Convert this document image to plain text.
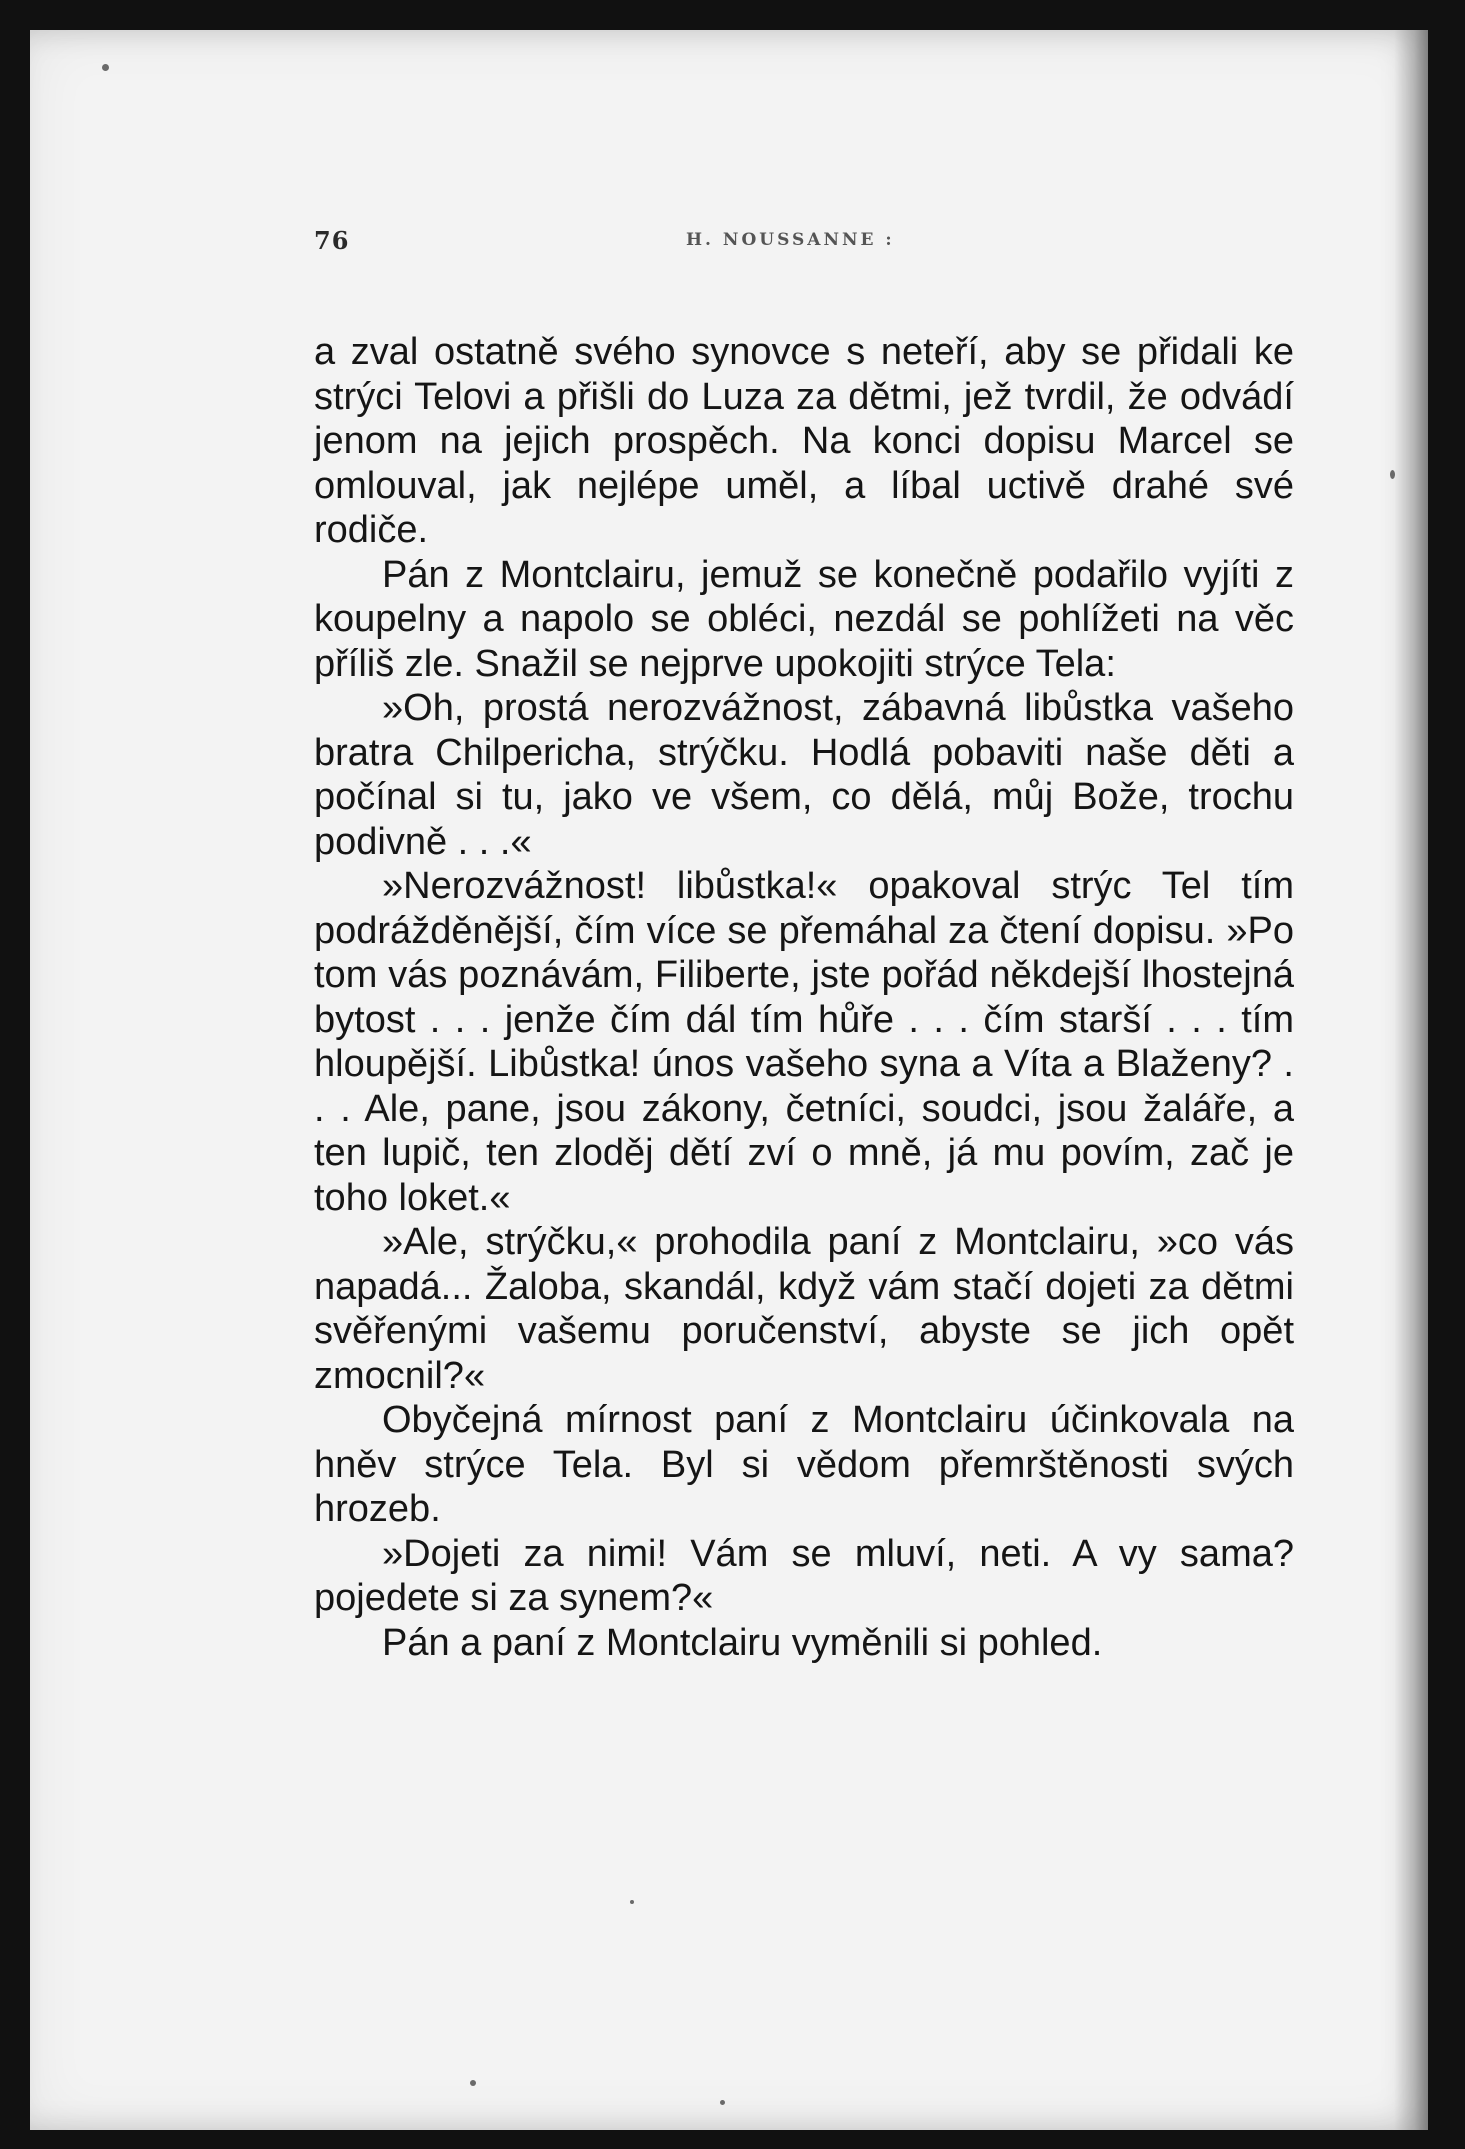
76	H. NOUSSANNE :

a zval ostatně svého synovce s neteří, aby se přidali ke strýci Telovi a přišli do Luza za dětmi, jež tvrdil, že odvádí jenom na jejich prospěch. Na konci dopisu Marcel se omlouval, jak nejlépe uměl, a líbal uctivě drahé své rodiče.

Pán z Montclairu, jemuž se konečně podařilo vyjíti z koupelny a napolo se obléci, nezdál se pohlížeti na věc příliš zle. Snažil se nejprve upokojiti strýce Tela:

»Oh, prostá nerozvážnost, zábavná libůstka vašeho bratra Chilpericha, strýčku. Hodlá pobaviti naše děti a počínal si tu, jako ve všem, co dělá, můj Bože, trochu podivně . . .«

»Nerozvážnost! libůstka!« opakoval strýc Tel tím podrážděnější, čím více se přemáhal za čtení dopisu. »Po tom vás poznávám, Filiberte, jste pořád někdejší lhostejná bytost . . . jenže čím dál tím hůře . . . čím starší . . . tím hloupější. Libůstka! únos vašeho syna a Víta a Blaženy? . . . Ale, pane, jsou zákony, četníci, soudci, jsou žaláře, a ten lupič, ten zloděj dětí zví o mně, já mu povím, zač je toho loket.«

»Ale, strýčku,« prohodila paní z Montclairu, »co vás napadá... Žaloba, skandál, když vám stačí dojeti za dětmi svěřenými vašemu poručenství, abyste se jich opět zmocnil?«

Obyčejná mírnost paní z Montclairu účinkovala na hněv strýce Tela. Byl si vědom přemrštěnosti svých hrozeb.

»Dojeti za nimi! Vám se mluví, neti. A vy sama? pojedete si za synem?«

Pán a paní z Montclairu vyměnili si pohled.
